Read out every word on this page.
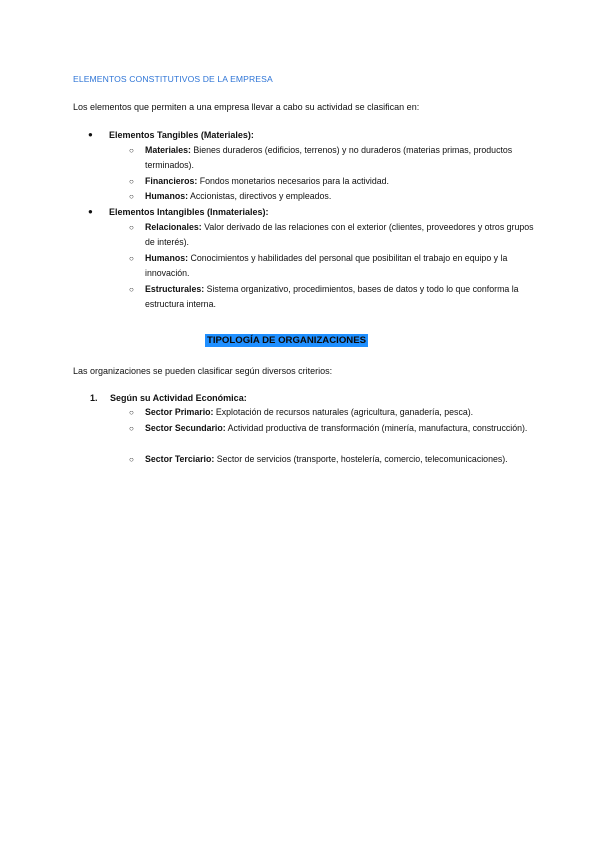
ELEMENTOS CONSTITUTIVOS DE LA EMPRESA
Los elementos que permiten a una empresa llevar a cabo su actividad se clasifican en:
● Elementos Tangibles (Materiales):
○ Materiales: Bienes duraderos (edificios, terrenos) y no duraderos (materias primas, productos terminados).
○ Financieros: Fondos monetarios necesarios para la actividad.
○ Humanos: Accionistas, directivos y empleados.
● Elementos Intangibles (Inmateriales):
○ Relacionales: Valor derivado de las relaciones con el exterior (clientes, proveedores y otros grupos de interés).
○ Humanos: Conocimientos y habilidades del personal que posibilitan el trabajo en equipo y la innovación.
○ Estructurales: Sistema organizativo, procedimientos, bases de datos y todo lo que conforma la estructura interna.
TIPOLOGÍA DE ORGANIZACIONES
Las organizaciones se pueden clasificar según diversos criterios:
1. Según su Actividad Económica:
○ Sector Primario: Explotación de recursos naturales (agricultura, ganadería, pesca).
○ Sector Secundario: Actividad productiva de transformación (minería, manufactura, construcción).
○ Sector Terciario: Sector de servicios (transporte, hostelería, comercio, telecomunicaciones).
